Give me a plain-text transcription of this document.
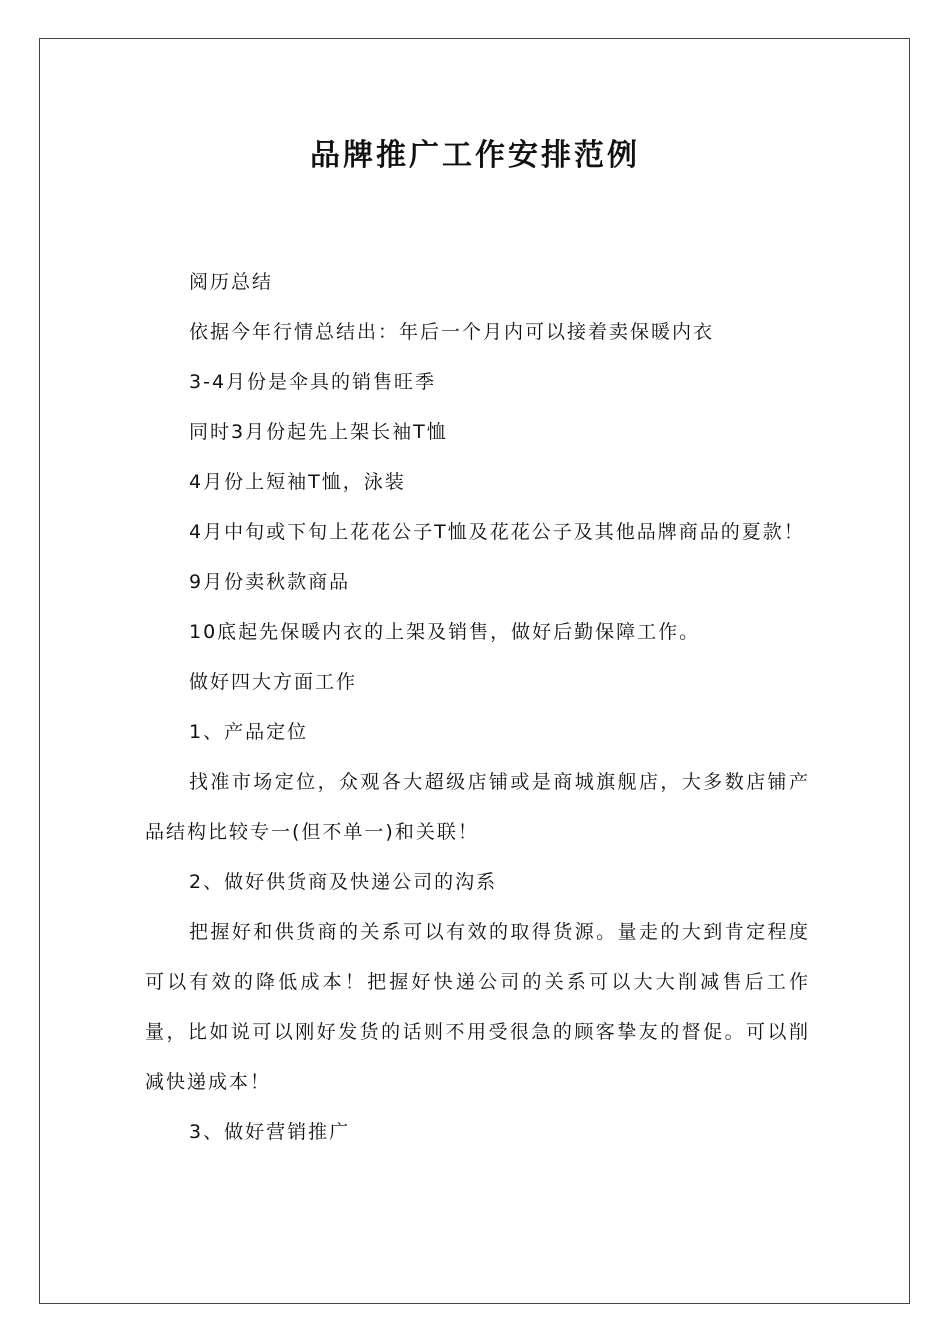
品牌推广工作安排范例

阅历总结

依据今年行情总结出：年后一个月内可以接着卖保暖内衣

3-4月份是伞具的销售旺季

同时3月份起先上架长袖T恤

4月份上短袖T恤，泳装

4月中旬或下旬上花花公子T恤及花花公子及其他品牌商品的夏款！

9月份卖秋款商品

10底起先保暖内衣的上架及销售，做好后勤保障工作。

做好四大方面工作

1、产品定位

找准市场定位，众观各大超级店铺或是商城旗舰店，大多数店铺产品结构比较专一(但不单一)和关联！

2、做好供货商及快递公司的沟系

把握好和供货商的关系可以有效的取得货源。量走的大到肯定程度可以有效的降低成本！把握好快递公司的关系可以大大削减售后工作量，比如说可以刚好发货的话则不用受很急的顾客挚友的督促。可以削减快递成本！

3、做好营销推广
